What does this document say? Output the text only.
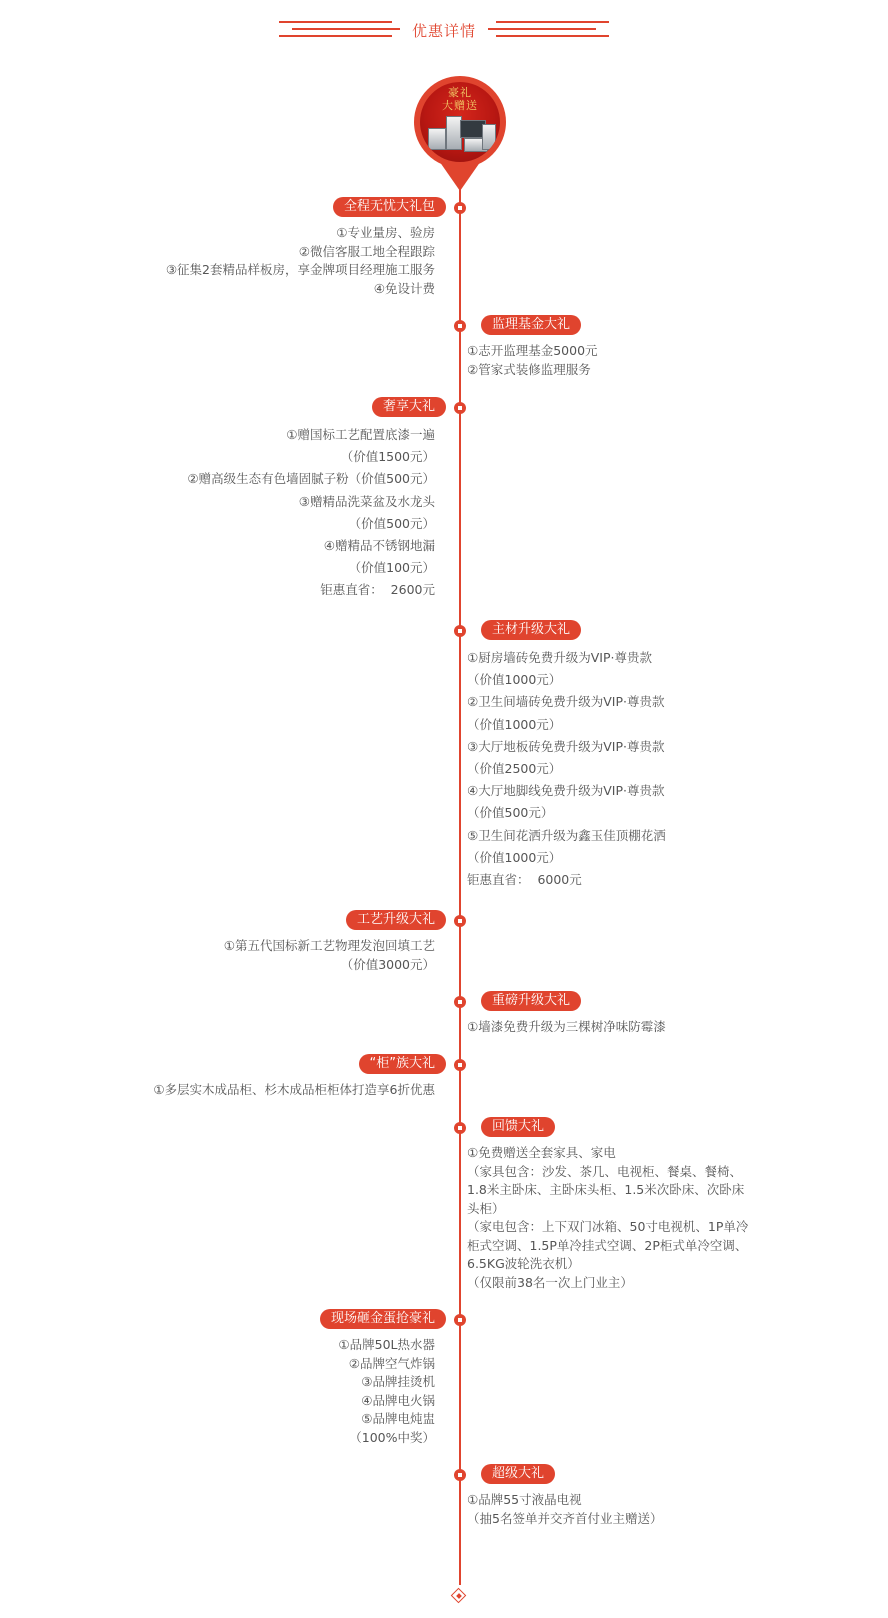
优惠详情
豪礼
大赠送
全程无忧大礼包
①专业量房、验房
②微信客服工地全程跟踪
③征集2套精品样板房，享金牌项目经理施工服务
④免设计费
监理基金大礼
①志开监理基金5000元
②管家式装修监理服务
奢享大礼
①赠国标工艺配置底漆一遍
（价值1500元）
②赠高级生态有色墙固腻子粉（价值500元）
③赠精品洗菜盆及水龙头
（价值500元）
④赠精品不锈钢地漏
（价值100元）
钜惠直省：  2600元
主材升级大礼
①厨房墙砖免费升级为VIP·尊贵款
（价值1000元）
②卫生间墙砖免费升级为VIP·尊贵款
（价值1000元）
③大厅地板砖免费升级为VIP·尊贵款
（价值2500元）
④大厅地脚线免费升级为VIP·尊贵款
（价值500元）
⑤卫生间花洒升级为鑫玉佳顶棚花洒
（价值1000元）
钜惠直省：  6000元
工艺升级大礼
①第五代国标新工艺物理发泡回填工艺
（价值3000元）
重磅升级大礼
①墙漆免费升级为三棵树净味防霉漆
“柜”族大礼
①多层实木成品柜、杉木成品柜柜体打造享6折优惠
回馈大礼
①免费赠送全套家具、家电
（家具包含：沙发、茶几、电视柜、餐桌、餐椅、
1.8米主卧床、主卧床头柜、1.5米次卧床、次卧床
头柜）
（家电包含：上下双门冰箱、50寸电视机、1P单冷
柜式空调、1.5P单冷挂式空调、2P柜式单冷空调、
6.5KG波轮洗衣机）
（仅限前38名一次上门业主）
现场砸金蛋抢豪礼
①品牌50L热水器
②品牌空气炸锅
③品牌挂烫机
④品牌电火锅
⑤品牌电炖盅
（100%中奖）
超级大礼
①品牌55寸液晶电视
（抽5名签单并交齐首付业主赠送）
